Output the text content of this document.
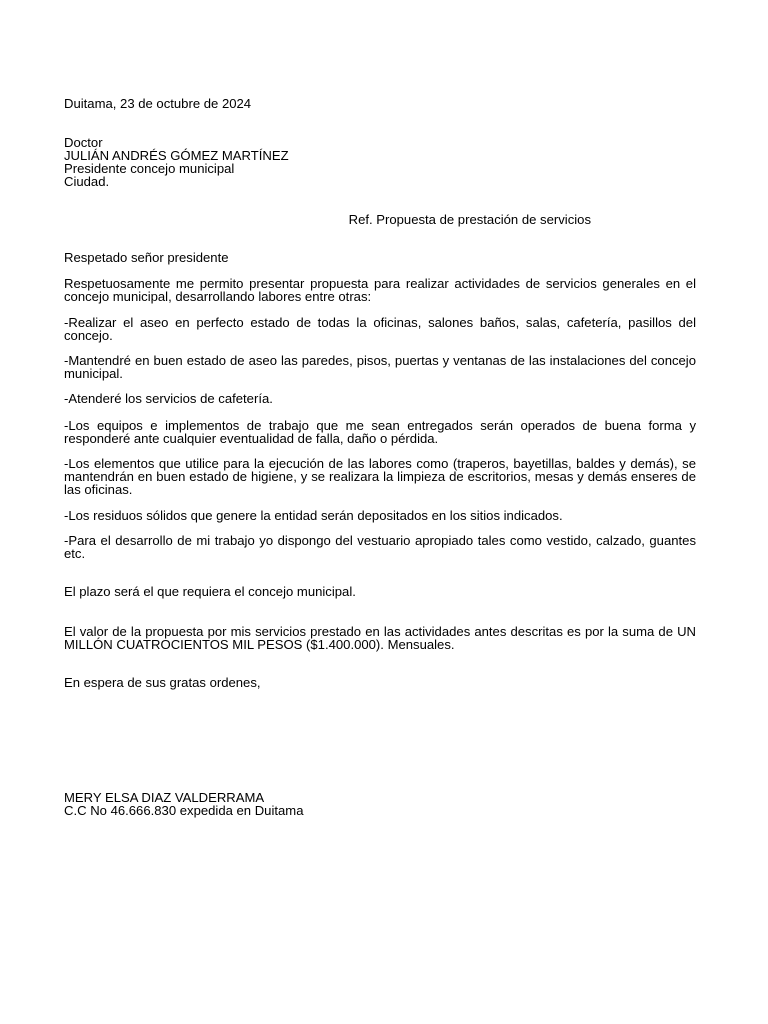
Duitama, 23 de octubre de 2024

Doctor

JULIÁN ANDRÉS GÓMEZ MARTÍNEZ

Presidente concejo municipal

Ciudad.

Ref. Propuesta de prestación de servicios

Respetado señor presidente

Respetuosamente me permito presentar propuesta para realizar actividades de servicios generales en el concejo municipal, desarrollando labores entre otras:

-Realizar el aseo en perfecto estado de todas la oficinas, salones baños, salas, cafetería, pasillos del concejo.

-Mantendré en buen estado de aseo las paredes, pisos, puertas y ventanas de las instalaciones del concejo municipal.

-Atenderé los servicios de cafetería.

-Los equipos e implementos de trabajo que me sean entregados serán operados de buena forma y responderé ante cualquier eventualidad de falla, daño o pérdida.

-Los elementos que utilice para la ejecución de las labores como (traperos, bayetillas, baldes y demás), se mantendrán en buen estado de higiene, y se realizara la limpieza de escritorios, mesas y demás enseres de las oficinas.

-Los residuos sólidos que genere la entidad serán depositados en los sitios indicados.

-Para el desarrollo de mi trabajo yo dispongo del vestuario apropiado tales como vestido, calzado, guantes etc.

El plazo será el que requiera el concejo municipal.

El valor de la propuesta por mis servicios prestado en las actividades antes descritas es por la suma de UN MILLÓN CUATROCIENTOS MIL PESOS ($1.400.000). Mensuales.

En espera de sus gratas ordenes,

MERY ELSA DIAZ VALDERRAMA

C.C No 46.666.830 expedida en Duitama
